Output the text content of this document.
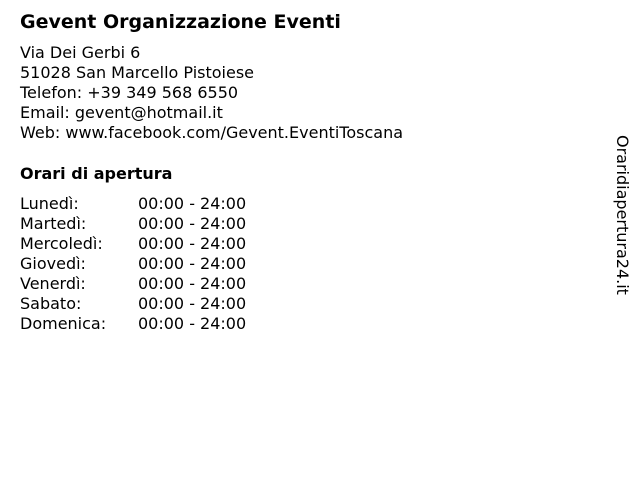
Gevent Organizzazione Eventi
Via Dei Gerbi 6
51028 San Marcello Pistoiese
Telefon: +39 349 568 6550
Email: gevent@hotmail.it
Web: www.facebook.com/Gevent.EventiToscana
Orari di apertura
Lunedì:	00:00 - 24:00
Martedì:	00:00 - 24:00
Mercoledì: 00:00 - 24:00
Giovedì:	00:00 - 24:00
Venerdì:	00:00 - 24:00
Sabato:	00:00 - 24:00
Domenica: 00:00 - 24:00
Orari​diapertura24.it
